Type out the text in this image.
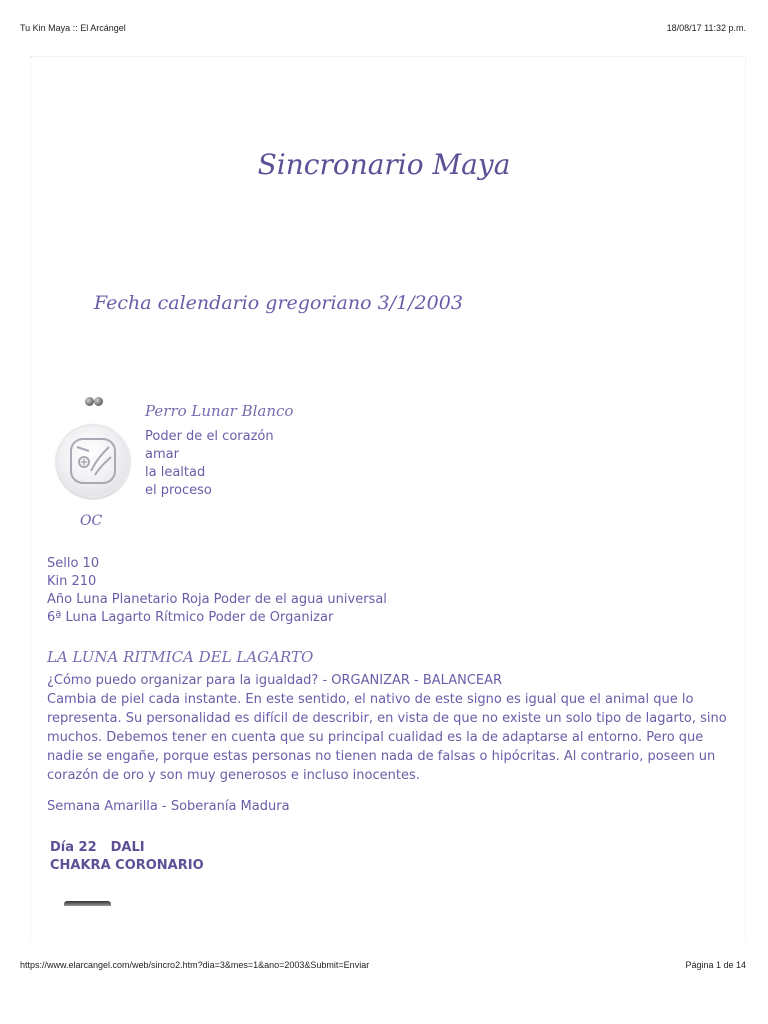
Tu Kin Maya :: El Arcángel	18/08/17 11:32 p.m.
Sincronario Maya
Fecha calendario gregoriano 3/1/2003
OC
Perro Lunar Blanco
Poder de el corazón
amar
la lealtad
el proceso
Sello 10
Kin 210
Año Luna Planetario Roja Poder de el agua universal
6ª Luna Lagarto Rítmico Poder de Organizar
LA LUNA RITMICA DEL LAGARTO
¿Cómo puedo organizar para la igualdad? - ORGANIZAR - BALANCEAR
Cambia de piel cada instante. En este sentido, el nativo de este signo es igual que el animal que lo representa. Su personalidad es difícil de describir, en vista de que no existe un solo tipo de lagarto, sino muchos. Debemos tener en cuenta que su principal cualidad es la de adaptarse al entorno. Pero que nadie se engañe, porque estas personas no tienen nada de falsas o hipócritas. Al contrario, poseen un corazón de oro y son muy generosos e incluso inocentes.
Semana Amarilla - Soberanía Madura
Día 22 DALI
CHAKRA CORONARIO
https://www.elarcangel.com/web/sincro2.htm?dia=3&mes=1&ano=2003&Submit=Enviar	Página 1 de 14
